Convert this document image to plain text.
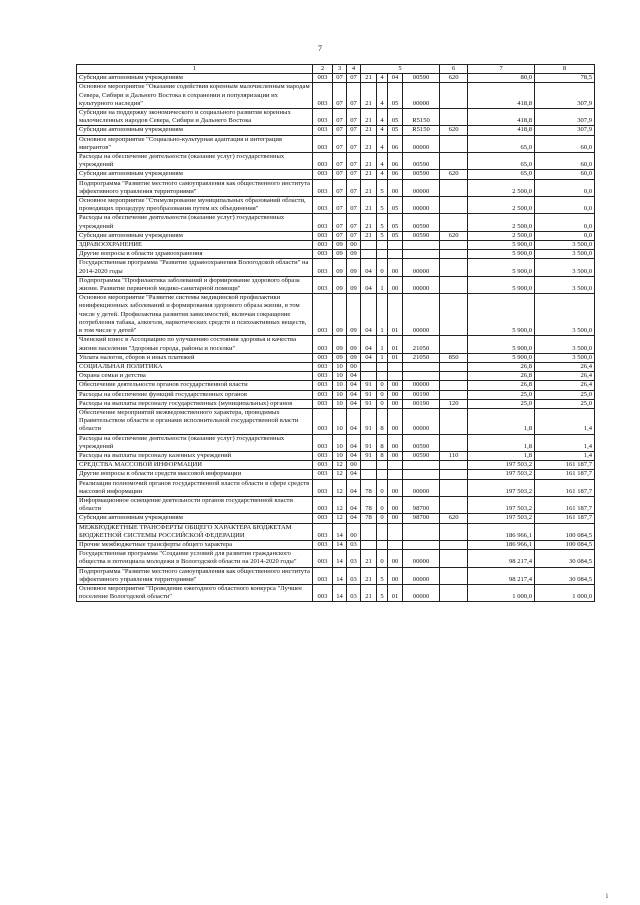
7
1	2	3	4	5				6	7	8
Субсидии автономным учреждениям	003	07	07	21	4	04	00590	620	80,0	78,5
Основное мероприятие "Оказание содействия коренным малочисленным народам Севера, Сибири и Дальнего Востока в сохранении и популяризации их культурного наследия"	003	07	07	21	4	05	00000		418,8	307,9
Субсидии на поддержку экономического и социального развития коренных малочисленных народов Севера, Сибири и Дальнего Востока	003	07	07	21	4	05	R5150		418,8	307,9
Субсидии автономным учреждениям	003	07	07	21	4	05	R5150	620	418,8	307,9
Основное мероприятие "Социально-культурная адаптация и интеграция мигрантов"	003	07	07	21	4	06	00000		65,0	60,0
Расходы на обеспечение деятельности (оказание услуг) государственных учреждений	003	07	07	21	4	06	00590		65,0	60,0
Субсидии автономным учреждениям	003	07	07	21	4	06	00590	620	65,0	60,0
Подпрограмма "Развитие местного самоуправления как общественного института эффективного управления территориями"	003	07	07	21	5	00	00000		2 500,0	0,0
Основное мероприятие "Стимулирование муниципальных образований области, проводящих процедуру преобразования путем их объединения"	003	07	07	21	5	05	00000		2 500,0	0,0
Расходы на обеспечение деятельности (оказание услуг) государственных учреждений	003	07	07	21	5	05	00590		2 500,0	0,0
Субсидии автономным учреждениям	003	07	07	21	5	05	00590	620	2 500,0	0,0
ЗДРАВООХРАНЕНИЕ	003	09	00						5 900,0	3 500,0
Другие вопросы в области здравоохранения	003	09	09						5 900,0	3 500,0
Государственная программа "Развитие здравоохранения Вологодской области" на 2014-2020 годы	003	09	09	04	0	00	00000		5 900,0	3 500,0
Подпрограмма "Профилактика заболеваний и формирование здорового образа жизни. Развитие первичной медико-санитарной помощи"	003	09	09	04	1	00	00000		5 900,0	3 500,0
Основное мероприятие "Развитие системы медицинской профилактики неинфекционных заболеваний и формирования здорового образа жизни, в том числе у детей. Профилактика развития зависимостей, включая сокращение потребления табака, алкоголя, наркотических средств и психоактивных веществ, в том числе у детей"	003	09	09	04	1	01	00000		5 900,0	3 500,0
Членский взнос в Ассоциацию по улучшению состояния здоровья и качества жизни населения "Здоровые города, районы и поселки"	003	09	09	04	1	01	21050		5 900,0	3 500,0
Уплата налогов, сборов и иных платежей	003	09	09	04	1	01	21050	850	5 900,0	3 500,0
СОЦИАЛЬНАЯ ПОЛИТИКА	003	10	00						26,8	26,4
Охрана семьи и детства	003	10	04						26,8	26,4
Обеспечение деятельности органов государственной власти	003	10	04	91	0	00	00000		26,8	26,4
Расходы на обеспечение функций государственных органов	003	10	04	91	0	00	00190		25,0	25,0
Расходы на выплаты персоналу государственных (муниципальных) органов	003	10	04	91	0	00	00190	120	25,0	25,0
Обеспечение мероприятий межведомственного характера, проводимых Правительством области и органами исполнительной государственной власти области	003	10	04	91	8	00	00000		1,8	1,4
Расходы на обеспечение деятельности (оказание услуг) государственных учреждений	003	10	04	91	8	00	00590		1,8	1,4
Расходы на выплаты персоналу казенных учреждений	003	10	04	91	8	00	00590	110	1,8	1,4
СРЕДСТВА МАССОВОЙ ИНФОРМАЦИИ	003	12	00						197 503,2	161 187,7
Другие вопросы в области средств массовой информации	003	12	04						197 503,2	161 187,7
Реализация полномочий органов государственной власти области в сфере средств массовой информации	003	12	04	78	0	00	00000		197 503,2	161 187,7
Информационное освещение деятельности органов государственной власти области	003	12	04	78	0	00	98700		197 503,2	161 187,7
Субсидии автономным учреждениям	003	12	04	78	0	00	98700	620	197 503,2	161 187,7
МЕЖБЮДЖЕТНЫЕ ТРАНСФЕРТЫ ОБЩЕГО ХАРАКТЕРА БЮДЖЕТАМ БЮДЖЕТНОЙ СИСТЕМЫ РОССИЙСКОЙ ФЕДЕРАЦИИ	003	14	00						186 966,1	100 084,5
Прочие межбюджетные трансферты общего характера	003	14	03						186 966,1	100 084,5
Государственная программа "Создание условий для развития гражданского общества и потенциала молодежи в Вологодской области на 2014-2020 годы"	003	14	03	21	0	00	00000		98 217,4	30 084,5
Подпрограмма "Развитие местного самоуправления как общественного института эффективного управления территориями"	003	14	03	21	5	00	00000		98 217,4	30 084,5
Основное мероприятие "Проведение ежегодного областного конкурса "Лучшее поселение Вологодской области"	003	14	03	21	5	01	00000		1 000,0	1 000,0
i
